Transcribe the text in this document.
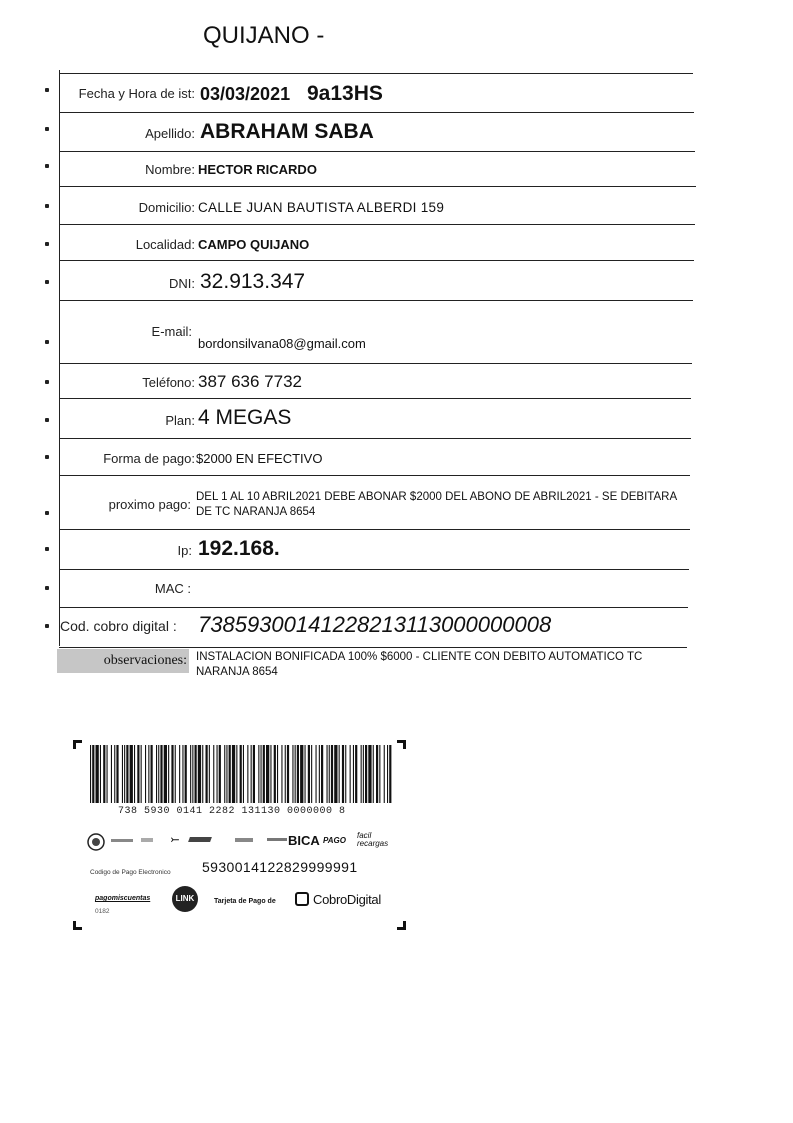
QUIJANO -
Fecha y Hora de ist: 03/03/2021 9a13HS
Apellido: ABRAHAM SABA
Nombre: HECTOR RICARDO
Domicilio: CALLE JUAN BAUTISTA ALBERDI 159
Localidad: CAMPO QUIJANO
DNI: 32.913.347
E-mail:
bordonsilvana08@gmail.com
Teléfono: 387 636 7732
Plan: 4 MEGAS
Forma de pago: $2000 EN EFECTIVO
proximo pago: DEL 1 AL 10 ABRIL2021 DEBE ABONAR $2000 DEL ABONO DE ABRIL2021 - SE DEBITARA DE TC NARANJA 8654
Ip: 192.168.
MAC :
Cod. cobro digital : 73859300141228213113000000008
observaciones: INSTALACION BONIFICADA 100% $6000 - CLIENTE CON DEBITO AUTOMATICO TC NARANJA 8654
738 5930 0141 2282 131130 0000000 8
⤚	BICA PAGO
facil recargas
Codigo de Pago Electronico 5930014122829999991
pagomiscuentas
0182
LINK	Tarjeta de Pago de	CobroDigital
